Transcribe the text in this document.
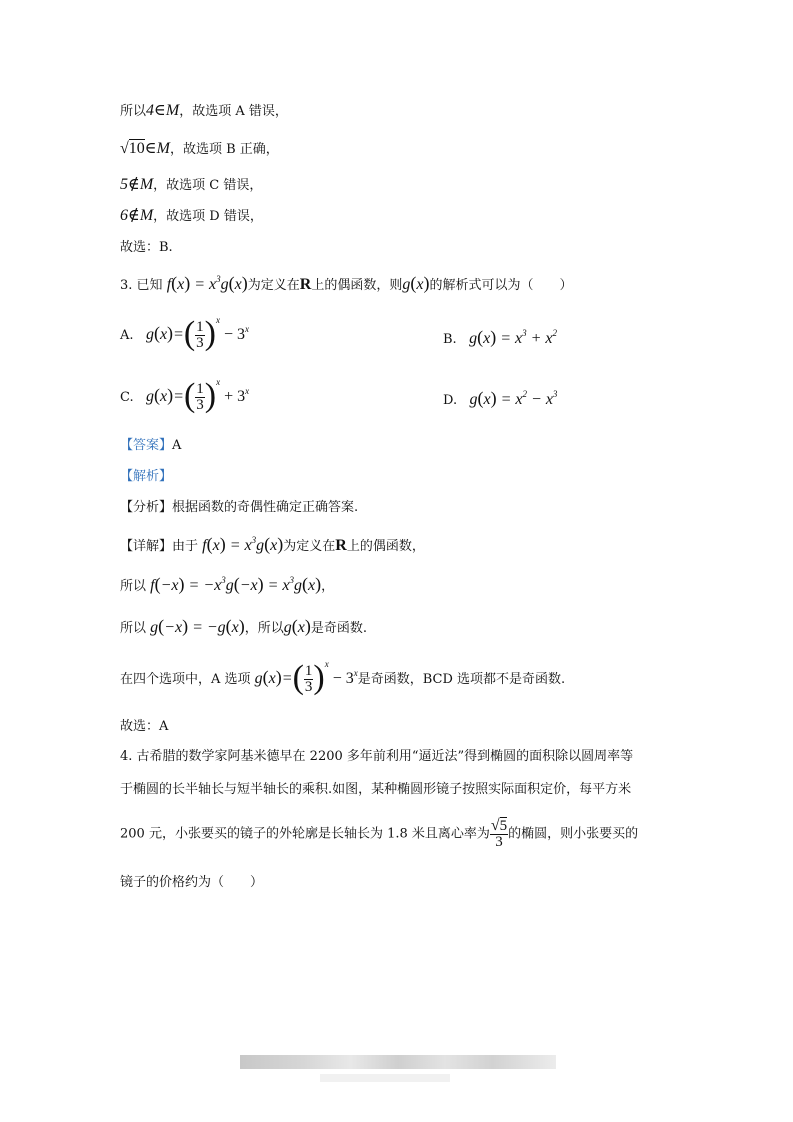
所以4∈M，故选项 A 错误，
√10∈M，故选项 B 正确，
5∉M，故选项 C 错误，
6∉M，故选项 D 错误，
故选：B.
3. 已知 $f(x) = x^3g(x)$为定义在R上的偶函数，则g(x)的解析式可以为（　　）
A. $g(x)=( \frac{1}{3} )^x - 3^x$
B. $g(x) = x^3 + x^2$
C. $g(x)=( \frac{1}{3} )^x + 3^x$
D. $g(x) = x^2 - x^3$
【答案】A
【解析】
【分析】根据函数的奇偶性确定正确答案.
【详解】由于 $f(x) = x^3g(x)$为定义在R上的偶函数，
所以 $f(-x) = -x^3g(-x) = x^3g(x)$，
所以 g(−x) = −g(x)，所以g(x)是奇函数.
在四个选项中，A 选项 $g(x)=( \frac{1}{3} )^x - 3^x$是奇函数，BCD 选项都不是奇函数.
故选：A
4. 古希腊的数学家阿基米德早在 2200 多年前利用“逼近法”得到椭圆的面积除以圆周率等
于椭圆的长半轴长与短半轴长的乘积.如图，某种椭圆形镜子按照实际面积定价，每平方米
200 元，小张要买的镜子的外轮廓是长轴长为 1.8 米且离心率为 $\frac{√5}{3}$ 的椭圆，则小张要买的
镜子的价格约为（　　）
